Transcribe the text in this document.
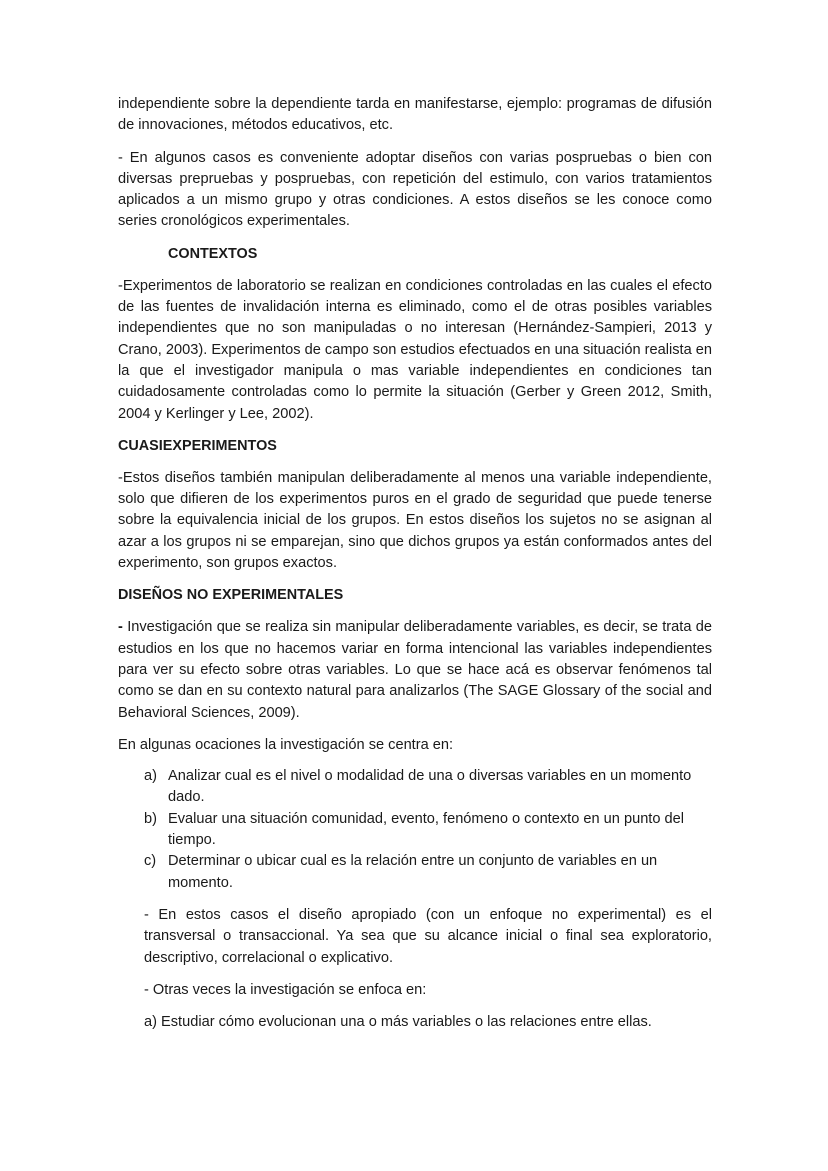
independiente sobre la dependiente tarda en manifestarse, ejemplo: programas de difusión de innovaciones, métodos educativos, etc.

- En algunos casos es conveniente adoptar diseños con varias pospruebas o bien con diversas prepruebas y pospruebas, con repetición del estimulo, con varios tratamientos aplicados a un mismo grupo y otras condiciones. A estos diseños se les conoce como series cronológicos experimentales.

CONTEXTOS

-Experimentos de laboratorio se realizan en condiciones controladas en las cuales el efecto de las fuentes de invalidación interna es eliminado, como el de otras posibles variables independientes que no son manipuladas o no interesan (Hernández-Sampieri, 2013 y Crano, 2003). Experimentos de campo son estudios efectuados en una situación realista en la que el investigador manipula o mas variable independientes en condiciones tan cuidadosamente controladas como lo permite la situación (Gerber y Green 2012, Smith, 2004 y Kerlinger y Lee, 2002).

CUASIEXPERIMENTOS

-Estos diseños también manipulan deliberadamente al menos una variable independiente, solo que difieren de los experimentos puros en el grado de seguridad que puede tenerse sobre la equivalencia inicial de los grupos. En estos diseños los sujetos no se asignan al azar a los grupos ni se emparejan, sino que dichos grupos ya están conformados antes del experimento, son grupos exactos.

DISEÑOS NO EXPERIMENTALES

- Investigación que se realiza sin manipular deliberadamente variables, es decir, se trata de estudios en los que no hacemos variar en forma intencional las variables independientes para ver su efecto sobre otras variables. Lo que se hace acá es observar fenómenos tal como se dan en su contexto natural para analizarlos (The SAGE Glossary of the social and Behavioral Sciences, 2009).

En algunas ocaciones la investigación se centra en:

a) Analizar cual es el nivel o modalidad de una o diversas variables en un momento dado.
b) Evaluar una situación comunidad, evento, fenómeno o contexto en un punto del tiempo.
c) Determinar o ubicar cual es la relación entre un conjunto de variables en un momento.

- En estos casos el diseño apropiado (con un enfoque no experimental) es el transversal o transaccional. Ya sea que su alcance inicial o final sea exploratorio, descriptivo, correlacional o explicativo.

- Otras veces la investigación se enfoca en:

a) Estudiar cómo evolucionan una o más variables o las relaciones entre ellas.
